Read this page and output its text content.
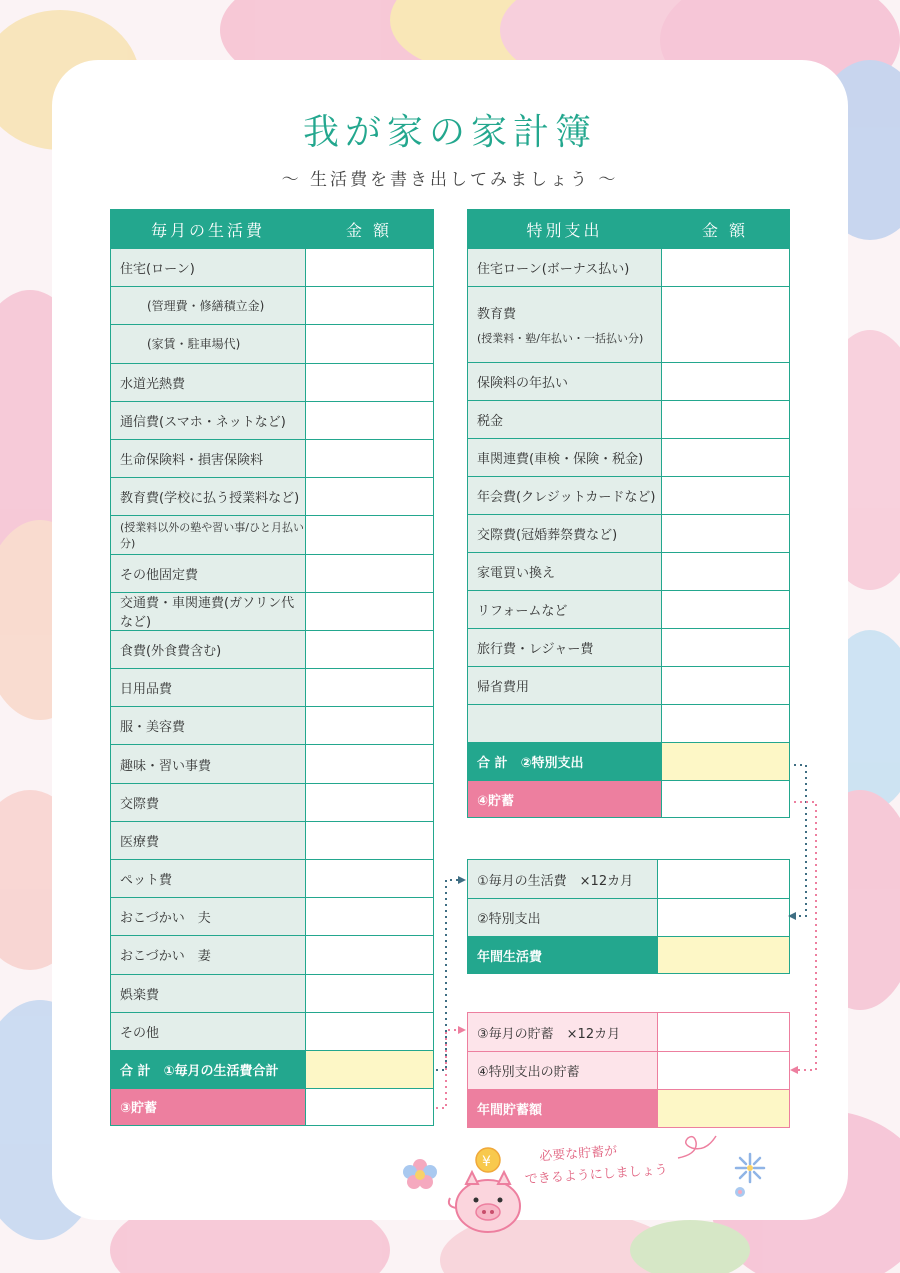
我が家の家計簿
〜 生活費を書き出してみましょう 〜
毎月の生活費	金 額
住宅(ローン)
(管理費・修繕積立金)
(家賃・駐車場代)
水道光熱費
通信費(スマホ・ネットなど)
生命保険料・損害保険料
教育費(学校に払う授業料など)
(授業料以外の塾や習い事/ひと月払い分)
その他固定費
交通費・車関連費(ガソリン代など)
食費(外食費含む)
日用品費
服・美容費
趣味・習い事費
交際費
医療費
ペット費
おこづかい　夫
おこづかい　妻
娯楽費
その他
合 計　①毎月の生活費合計
③貯蓄
特別支出	金 額
住宅ローン(ボーナス払い)
教育費
(授業料・塾/年払い・一括払い分)
保険料の年払い
税金
車関連費(車検・保険・税金)
年会費(クレジットカードなど)
交際費(冠婚葬祭費など)
家電買い換え
リフォームなど
旅行費・レジャー費
帰省費用
合 計　②特別支出
④貯蓄
①毎月の生活費　×12カ月
②特別支出
年間生活費
③毎月の貯蓄　×12カ月
④特別支出の貯蓄
年間貯蓄額
¥	必要な貯蓄が
できるようにしましょう
